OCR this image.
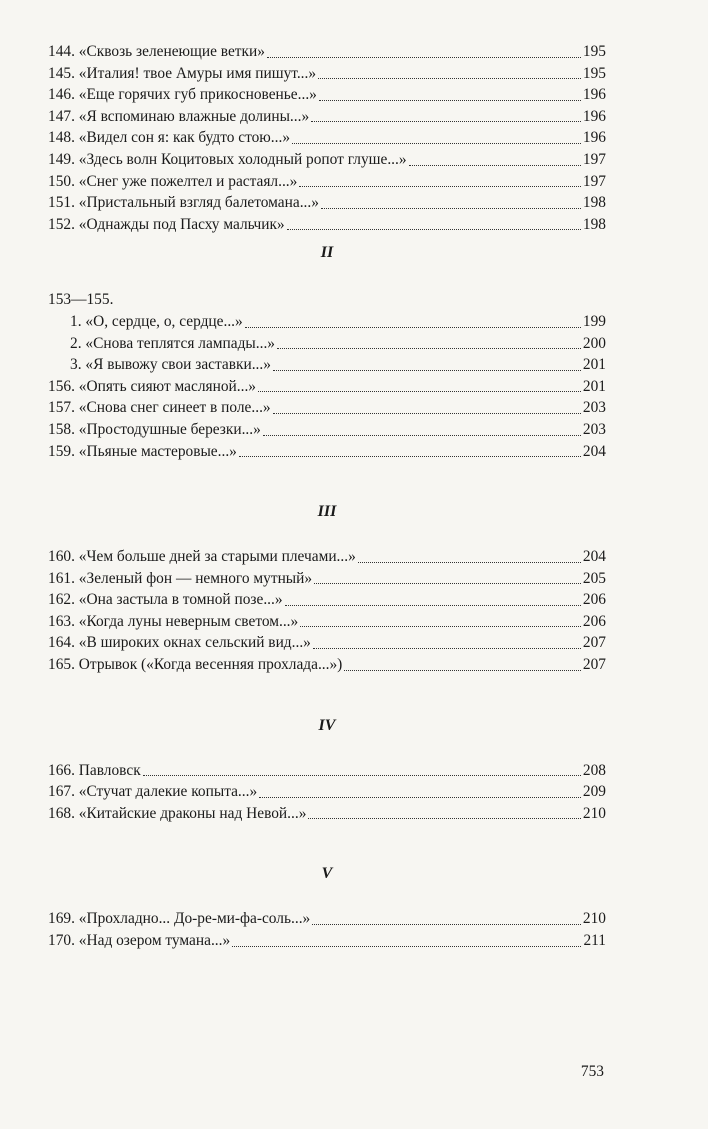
144. «Сквозь зеленеющие ветки»	195
145. «Италия! твое Амуры имя пишут...»	195
146. «Еще горячих губ прикосновенье...»	196
147. «Я вспоминаю влажные долины...»	196
148. «Видел сон я: как будто стою...»	196
149. «Здесь волн Коцитовых холодный ропот глуше...»	197
150. «Снег уже пожелтел и растаял...»	197
151. «Пристальный взгляд балетомана...»	198
152. «Однажды под Пасху мальчик»	198
II
153—155.
1. «О, сердце, о, сердце...»	199
2. «Снова теплятся лампады...»	200
3. «Я вывожу свои заставки...»	201
156. «Опять сияют масляной...»	201
157. «Снова снег синеет в поле...»	203
158. «Простодушные березки...»	203
159. «Пьяные мастеровые...»	204
III
160. «Чем больше дней за старыми плечами...»	204
161. «Зеленый фон — немного мутный»	205
162. «Она застыла в томной позе...»	206
163. «Когда луны неверным светом...»	206
164. «В широких окнах сельский вид...»	207
165. Отрывок («Когда весенняя прохлада...»)	207
IV
166. Павловск	208
167. «Стучат далекие копыта...»	209
168. «Китайские драконы над Невой...»	210
V
169. «Прохладно... До-ре-ми-фа-соль...»	210
170. «Над озером тумана...»	211
753
